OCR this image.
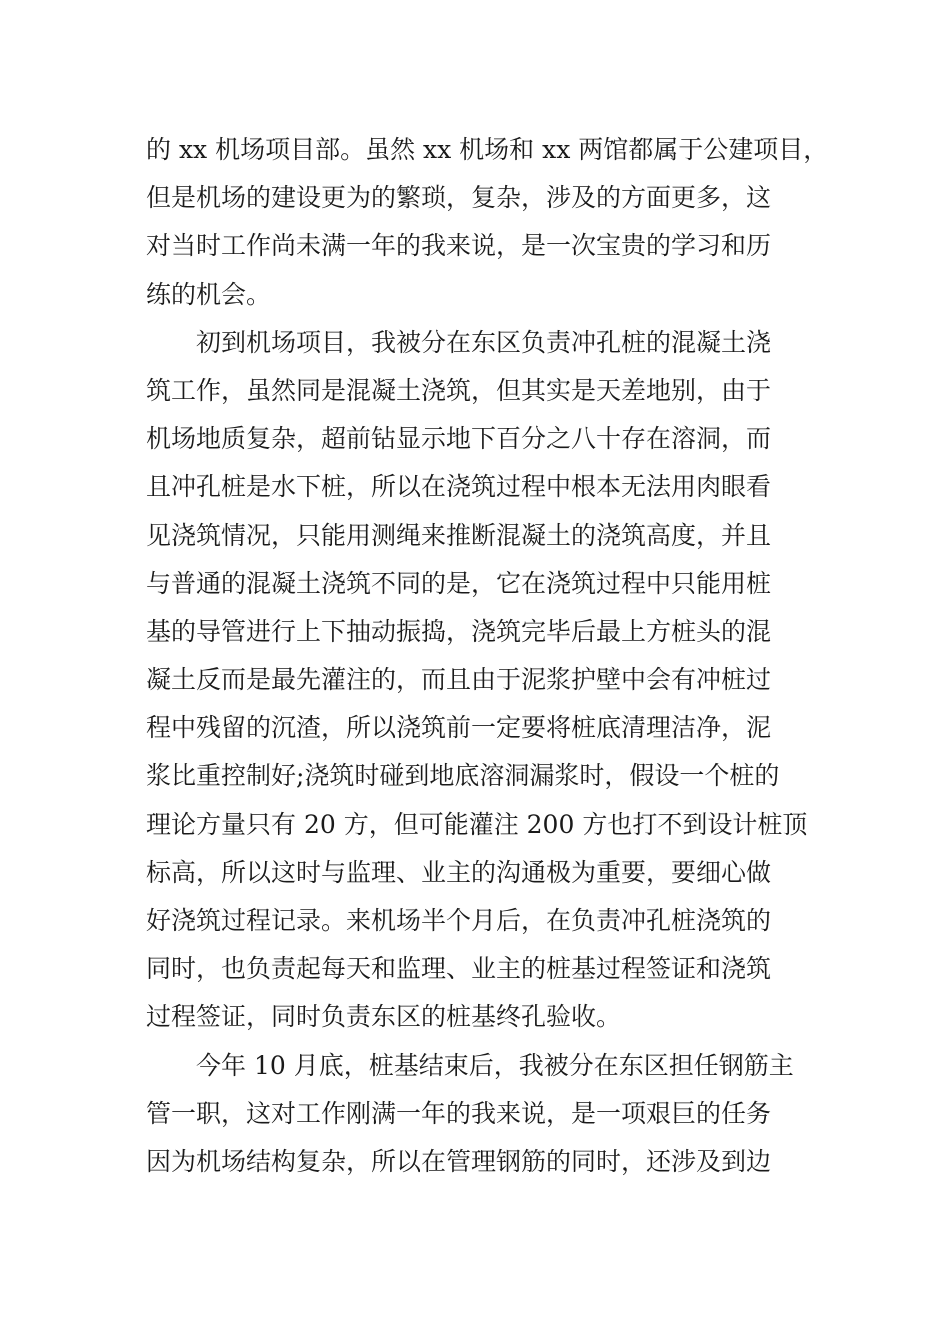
的 xx 机场项目部。虽然 xx 机场和 xx 两馆都属于公建项目，
但是机场的建设更为的繁琐，复杂，涉及的方面更多，这
对当时工作尚未满一年的我来说，是一次宝贵的学习和历
练的机会。
初到机场项目，我被分在东区负责冲孔桩的混凝土浇
筑工作，虽然同是混凝土浇筑，但其实是天差地别，由于
机场地质复杂，超前钻显示地下百分之八十存在溶洞，而
且冲孔桩是水下桩，所以在浇筑过程中根本无法用肉眼看
见浇筑情况，只能用测绳来推断混凝土的浇筑高度，并且
与普通的混凝土浇筑不同的是，它在浇筑过程中只能用桩
基的导管进行上下抽动振捣，浇筑完毕后最上方桩头的混
凝土反而是最先灌注的，而且由于泥浆护壁中会有冲桩过
程中残留的沉渣，所以浇筑前一定要将桩底清理洁净，泥
浆比重控制好;浇筑时碰到地底溶洞漏浆时，假设一个桩的
理论方量只有 20 方，但可能灌注 200 方也打不到设计桩顶
标高，所以这时与监理、业主的沟通极为重要，要细心做
好浇筑过程记录。来机场半个月后，在负责冲孔桩浇筑的
同时，也负责起每天和监理、业主的桩基过程签证和浇筑
过程签证，同时负责东区的桩基终孔验收。
今年 10 月底，桩基结束后，我被分在东区担任钢筋主
管一职，这对工作刚满一年的我来说，是一项艰巨的任务
因为机场结构复杂，所以在管理钢筋的同时，还涉及到边
